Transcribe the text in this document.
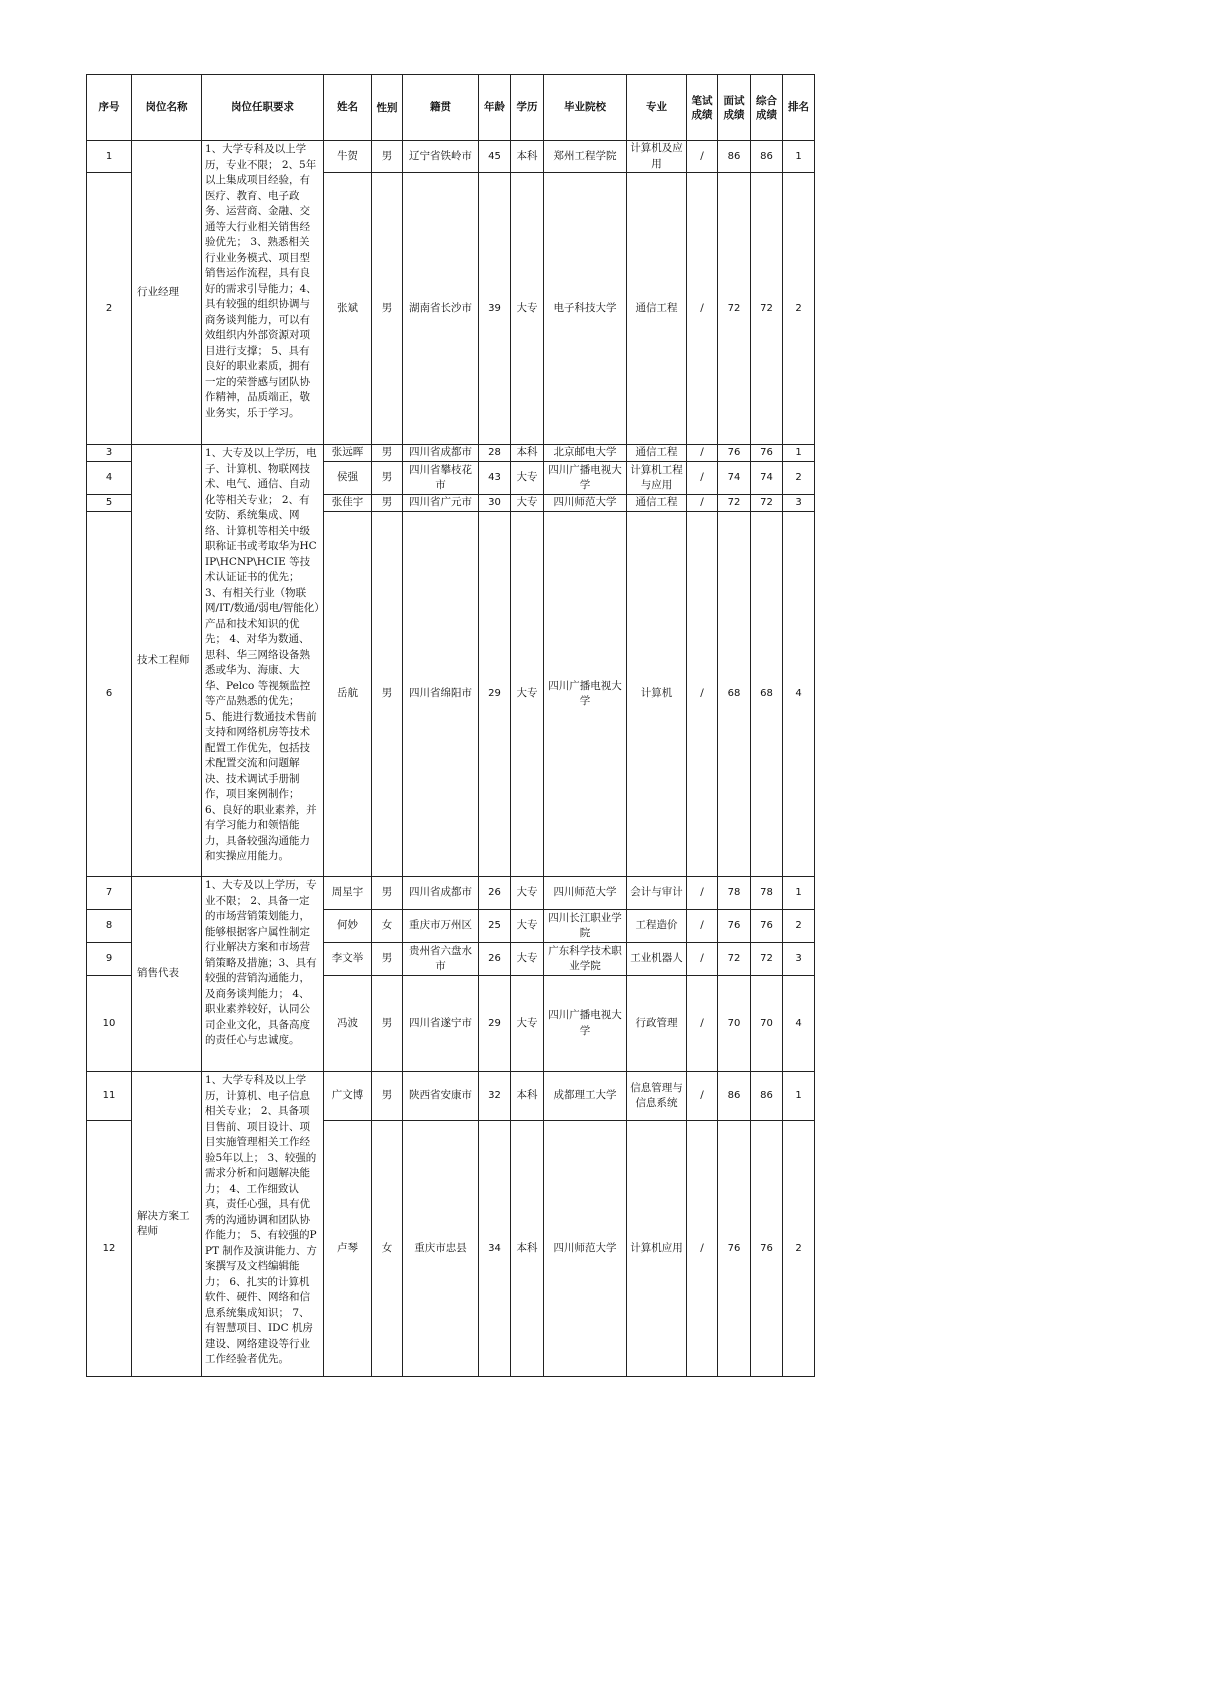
序号	岗位名称	岗位任职要求	姓名	性别	籍贯	年龄	学历	毕业院校	专业	笔试成绩	面试成绩	综合成绩	排名
1	行业经理	1、大学专科及以上学历，专业不限； 2、5年以上集成项目经验，有医疗、教育、电子政务、运营商、金融、交通等大行业相关销售经验优先； 3、熟悉相关行业业务模式、项目型销售运作流程，具有良好的需求引导能力；4、具有较强的组织协调与商务谈判能力，可以有效组织内外部资源对项目进行支撑； 5、具有良好的职业素质，拥有一定的荣誉感与团队协作精神，品质端正，敬业务实，乐于学习。	牛贺	男	辽宁省铁岭市	45	本科	郑州工程学院	计算机及应用	/	86	86	1
2			张斌	男	湖南省长沙市	39	大专	电子科技大学	通信工程	/	72	72	2
3	技术工程师	1、大专及以上学历，电子、计算机、物联网技术、电气、通信、自动化等相关专业； 2、有安防、系统集成、网络、计算机等相关中级职称证书或考取华为HCIP\HCNP\HCIE 等技术认证证书的优先； 3、有相关行业（物联网/IT/数通/弱电/智能化）产品和技术知识的优先； 4、对华为数通、思科、华三网络设备熟悉或华为、海康、大华、Pelco 等视频监控等产品熟悉的优先； 5、能进行数通技术售前支持和网络机房等技术配置工作优先，包括技术配置交流和问题解决、技术调试手册制作，项目案例制作； 6、良好的职业素养，并有学习能力和领悟能力，具备较强沟通能力和实操应用能力。	张远晖	男	四川省成都市	28	本科	北京邮电大学	通信工程	/	76	76	1
4			侯强	男	四川省攀枝花市	43	大专	四川广播电视大学	计算机工程与应用	/	74	74	2
5			张佳宇	男	四川省广元市	30	大专	四川师范大学	通信工程	/	72	72	3
6			岳航	男	四川省绵阳市	29	大专	四川广播电视大学	计算机	/	68	68	4
7	销售代表	1、大专及以上学历，专业不限； 2、具备一定的市场营销策划能力，能够根据客户属性制定行业解决方案和市场营销策略及措施；3、具有较强的营销沟通能力，及商务谈判能力； 4、职业素养较好，认同公司企业文化，具备高度的责任心与忠诚度。	周星宇	男	四川省成都市	26	大专	四川师范大学	会计与审计	/	78	78	1
8			何妙	女	重庆市万州区	25	大专	四川长江职业学院	工程造价	/	76	76	2
9			李文举	男	贵州省六盘水市	26	大专	广东科学技术职业学院	工业机器人	/	72	72	3
10			冯波	男	四川省遂宁市	29	大专	四川广播电视大学	行政管理	/	70	70	4
11	解决方案工程师	1、大学专科及以上学历，计算机、电子信息相关专业； 2、具备项目售前、项目设计、项目实施管理相关工作经验5年以上； 3、较强的需求分析和问题解决能力； 4、工作细致认真，责任心强，具有优秀的沟通协调和团队协作能力； 5、有较强的PPT 制作及演讲能力、方案撰写及文档编辑能力； 6、扎实的计算机软件、硬件、网络和信息系统集成知识； 7、有智慧项目、IDC 机房建设、网络建设等行业工作经验者优先。	广文博	男	陕西省安康市	32	本科	成都理工大学	信息管理与信息系统	/	86	86	1
12			卢琴	女	重庆市忠县	34	本科	四川师范大学	计算机应用	/	76	76	2
